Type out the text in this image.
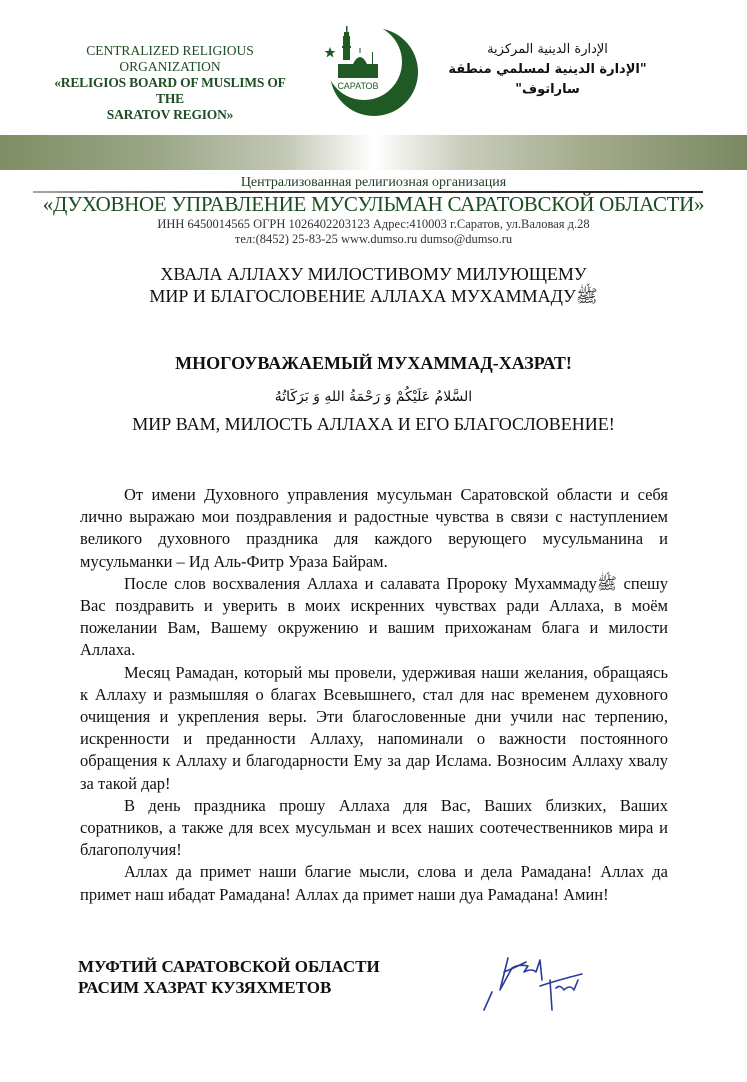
CENTRALIZED RELIGIOUS
ORGANIZATION
«RELIGIOS BOARD OF MUSLIMS OF THE
SARATOV REGION»
САРАТОВ
الإدارة الدينية المركزية
"الإدارة الدينية لمسلمي منطقة ساراتوف"
Централизованная религиозная организация
«ДУХОВНОЕ УПРАВЛЕНИЕ МУСУЛЬМАН САРАТОВСКОЙ ОБЛАСТИ»
ИНН 6450014565 ОГРН 1026402203123 Адрес:410003 г.Саратов, ул.Валовая д.28
тел:(8452) 25-83-25 www.dumso.ru dumso@dumso.ru
ХВАЛА АЛЛАХУ МИЛОСТИВОМУ МИЛУЮЩЕМУ
МИР И БЛАГОСЛОВЕНИЕ АЛЛАХА МУХАММАДУﷺ
МНОГОУВАЖАЕМЫЙ МУХАММАД-ХАЗРАТ!
السَّلامُ عَلَيْكُمْ وَ رَحْمَةُ اللهِ وَ بَرَكَاتُهُ
МИР ВАМ, МИЛОСТЬ АЛЛАХА И ЕГО БЛАГОСЛОВЕНИЕ!

От имени Духовного управления мусульман Саратовской области и себя лично выражаю мои поздравления и радостные чувства в связи с наступлением великого духовного праздника для каждого верующего мусульманина и мусульманки – Ид Аль-Фитр Ураза Байрам.

После слов восхваления Аллаха и салавата Пророку Мухаммадуﷺ спешу Вас поздравить и уверить в моих искренних чувствах ради Аллаха, в моём пожелании Вам, Вашему окружению и вашим прихожанам блага и милости Аллаха.

Месяц Рамадан, который мы провели, удерживая наши желания, обращаясь к Аллаху и размышляя о благах Всевышнего, стал для нас временем духовного очищения и укрепления веры. Эти благословенные дни учили нас терпению, искренности и преданности Аллаху, напоминали о важности постоянного обращения к Аллаху и благодарности Ему за дар Ислама. Возносим Аллаху хвалу за такой дар!

В день праздника прошу Аллаха для Вас, Ваших близких, Ваших соратников, а также для всех мусульман и всех наших соотечественников мира и благополучия!

Аллах да примет наши благие мысли, слова и дела Рамадана! Аллах да примет наш ибадат Рамадана! Аллах да примет наши дуа Рамадана! Амин!

МУФТИЙ САРАТОВСКОЙ ОБЛАСТИ
РАСИМ ХАЗРАТ КУЗЯХМЕТОВ
